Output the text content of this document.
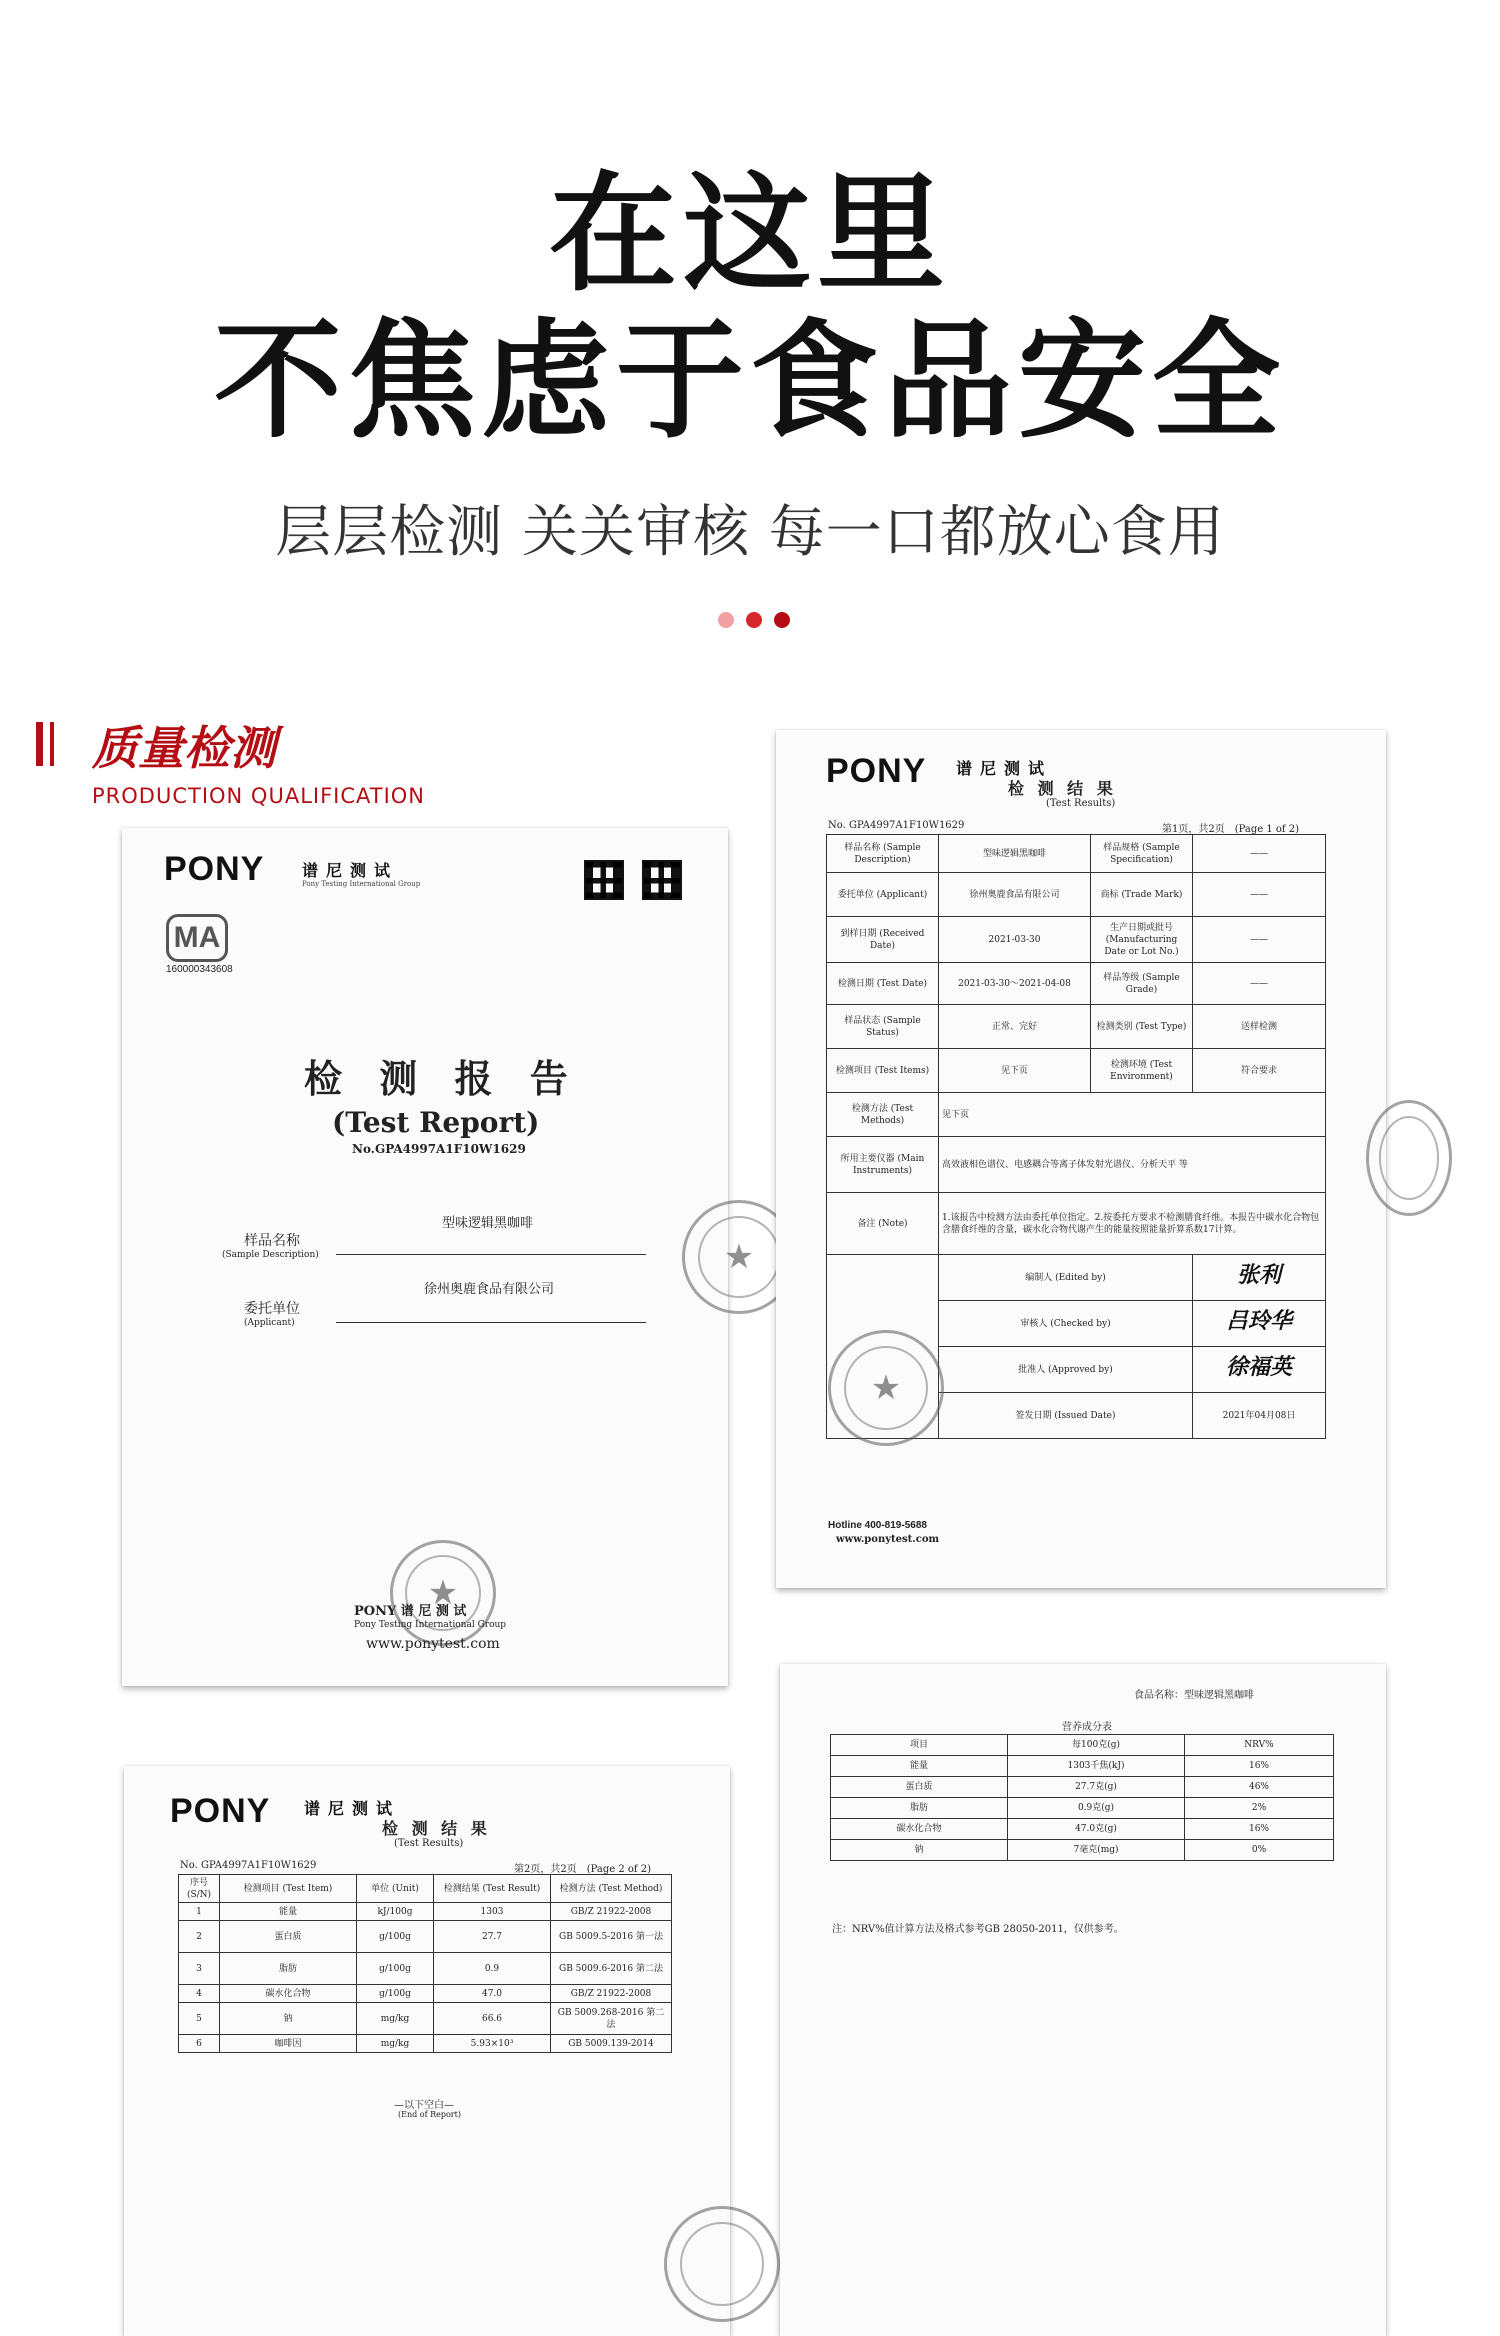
在这里
不焦虑于食品安全
层层检测 关关审核 每一口都放心食用
质量检测
PRODUCTION QUALIFICATION
PONY 谱尼测试
Pony Testing International Group
MA
160000343608
检 测 报 告
(Test Report)
No.GPA4997A1F10W1629
型味逻辑黑咖啡
样品名称
(Sample Description)
徐州奥鹿食品有限公司
委托单位
(Applicant)
★
★
PONY 谱 尼 测 试
Pony Testing International Group
www.ponytest.com
PONY 谱尼测试
检 测 结 果
(Test Results)
No. GPA4997A1F10W1629	第1页，共2页　(Page 1 of 2)
样品名称 (Sample Description)	型味逻辑黑咖啡	样品规格 (Sample Specification)	——
委托单位 (Applicant)	徐州奥鹿食品有限公司	商标 (Trade Mark)	——
到样日期 (Received Date)	2021-03-30	生产日期或批号 (Manufacturing Date or Lot No.)	——
检测日期 (Test Date)	2021-03-30～2021-04-08	样品等级 (Sample Grade)	——
样品状态 (Sample Status)	正常、完好	检测类别 (Test Type)	送样检测
检测项目 (Test Items)	见下页	检测环境 (Test Environment)	符合要求
检测方法 (Test Methods)	见下页		
所用主要仪器 (Main Instruments)	高效液相色谱仪、电感耦合等离子体发射光谱仪、分析天平 等		
备注 (Note)	1.该报告中检测方法由委托单位指定。2.按委托方要求不检测膳食纤维。本报告中碳水化合物包含膳食纤维的含量，碳水化合物代谢产生的能量按照能量折算系数17计算。		
	编制人 (Edited by)		张利
	审核人 (Checked by)		吕玲华
	批准人 (Approved by)		徐福英
	签发日期 (Issued Date)		2021年04月08日
★
Hotline 400-819-5688
www.ponytest.com
PONY 谱尼测试
检 测 结 果
(Test Results)
No. GPA4997A1F10W1629	第2页，共2页　(Page 2 of 2)
序号 (S/N)	检测项目 (Test Item)	单位 (Unit)	检测结果 (Test Result)	检测方法 (Test Method)
1	能量	kJ/100g	1303	GB/Z 21922-2008
2	蛋白质	g/100g	27.7	GB 5009.5-2016 第一法
3	脂肪	g/100g	0.9	GB 5009.6-2016 第二法
4	碳水化合物	g/100g	47.0	GB/Z 21922-2008
5	钠	mg/kg	66.6	GB 5009.268-2016 第二法
6	咖啡因	mg/kg	5.93×10³	GB 5009.139-2014
—以下空白—
(End of Report)
食品名称：型味逻辑黑咖啡
营养成分表
项目	每100克(g)	NRV%
能量	1303千焦(kJ)	16%
蛋白质	27.7克(g)	46%
脂肪	0.9克(g)	2%
碳水化合物	47.0克(g)	16%
钠	7毫克(mg)	0%
注：NRV%值计算方法及格式参考GB 28050-2011，仅供参考。
